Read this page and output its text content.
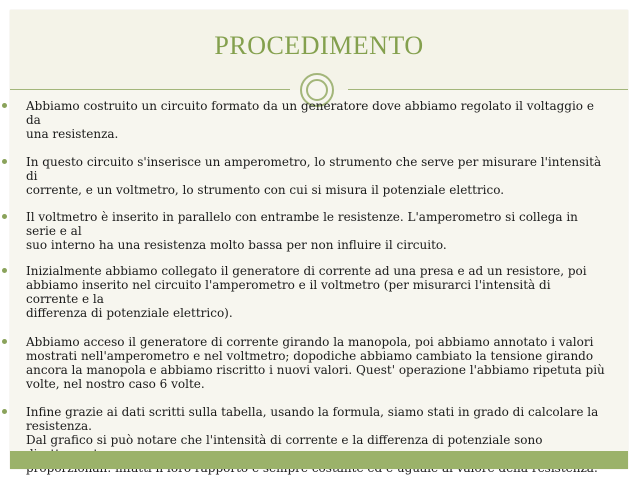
PROCEDIMENTO
Abbiamo costruito un circuito formato da un generatore dove abbiamo regolato il voltaggio e da
una resistenza.
In questo circuito s'inserisce un amperometro, lo strumento che serve per misurare l'intensità di
corrente, e un voltmetro, lo strumento con cui si misura il potenziale elettrico.
Il voltmetro è inserito in parallelo con entrambe le resistenze. L'amperometro si collega in serie e al
suo interno ha una resistenza molto bassa per non influire il circuito.
Inizialmente abbiamo collegato il generatore di corrente ad una presa e ad un resistore, poi
abbiamo inserito nel circuito l'amperometro e il voltmetro (per misurarci l'intensità di corrente e la
differenza di potenziale elettrico).
Abbiamo acceso il generatore di corrente girando la manopola, poi abbiamo annotato i valori
mostrati nell'amperometro e nel voltmetro; dopodiche abbiamo cambiato la tensione girando
ancora la manopola e abbiamo riscritto i nuovi valori. Quest' operazione l'abbiamo ripetuta più
volte, nel nostro caso 6 volte.
Infine grazie ai dati scritti sulla tabella, usando la formula, siamo stati in grado di calcolare la
resistenza.
Dal grafico si può notare che l'intensità di corrente e la differenza di potenziale sono
